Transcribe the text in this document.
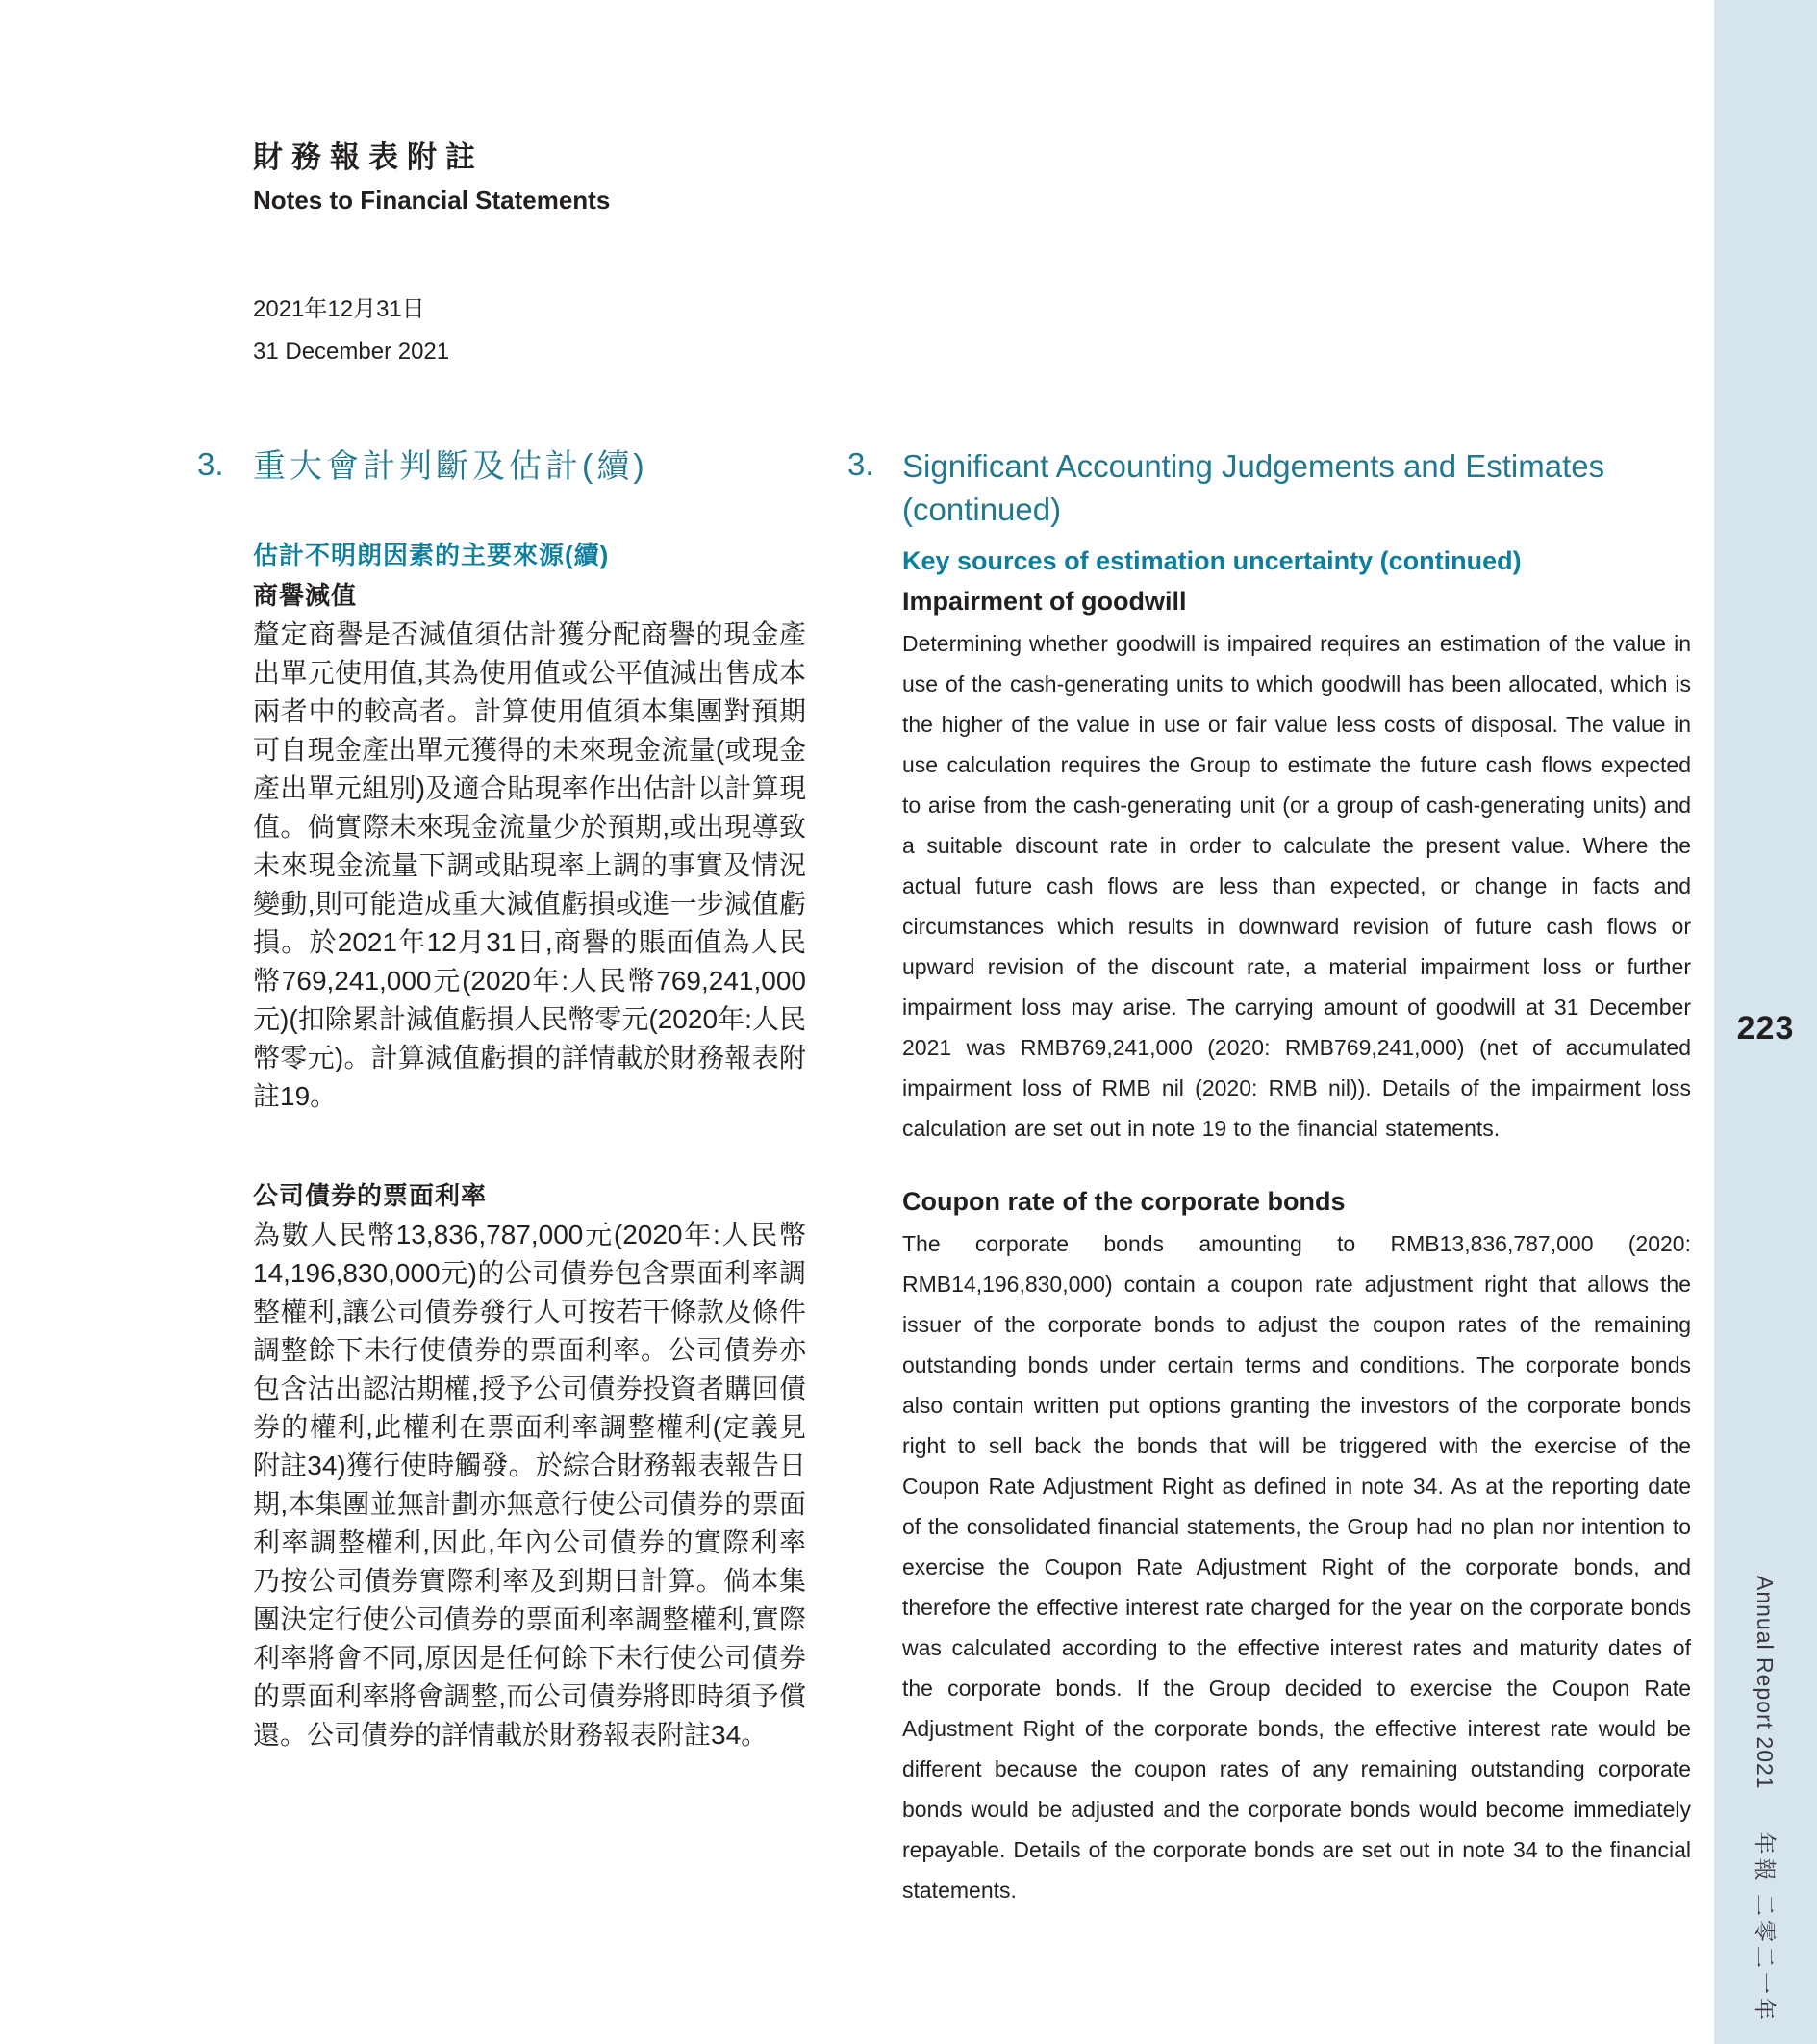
223
Annual Report 2021年報 二零二一年
財務報表附註
Notes to Financial Statements
2021年12月31日
31 December 2021
3.	3.
重大會計判斷及估計(續)
估計不明朗因素的主要來源(續)
商譽減值

釐定商譽是否減值須估計獲分配商譽的現金產出單元使用值,其為使用值或公平值減出售成本兩者中的較高者。計算使用值須本集團對預期可自現金產出單元獲得的未來現金流量(或現金產出單元組別)及適合貼現率作出估計以計算現值。倘實際未來現金流量少於預期,或出現導致未來現金流量下調或貼現率上調的事實及情況變動,則可能造成重大減值虧損或進一步減值虧損。於2021年12月31日,商譽的賬面值為人民幣769,241,000元(2020年:人民幣769,241,000元)(扣除累計減值虧損人民幣零元(2020年:人民幣零元)。計算減值虧損的詳情載於財務報表附註19。

公司債券的票面利率

為數人民幣13,836,787,000元(2020年:人民幣14,196,830,000元)的公司債券包含票面利率調整權利,讓公司債券發行人可按若干條款及條件調整餘下未行使債券的票面利率。公司債券亦包含沽出認沽期權,授予公司債券投資者購回債券的權利,此權利在票面利率調整權利(定義見附註34)獲行使時觸發。於綜合財務報表報告日期,本集團並無計劃亦無意行使公司債券的票面利率調整權利,因此,年內公司債券的實際利率乃按公司債券實際利率及到期日計算。倘本集團決定行使公司債券的票面利率調整權利,實際利率將會不同,原因是任何餘下未行使公司債券的票面利率將會調整,而公司債券將即時須予償還。公司債券的詳情載於財務報表附註34。

Significant Accounting Judgements and Estimates (continued)
Key sources of estimation uncertainty (continued)
Impairment of goodwill

Determining whether goodwill is impaired requires an estimation of the value in use of the cash-generating units to which goodwill has been allocated, which is the higher of the value in use or fair value less costs of disposal. The value in use calculation requires the Group to estimate the future cash flows expected to arise from the cash-generating unit (or a group of cash-generating units) and a suitable discount rate in order to calculate the present value. Where the actual future cash flows are less than expected, or change in facts and circumstances which results in downward revision of future cash flows or upward revision of the discount rate, a material impairment loss or further impairment loss may arise. The carrying amount of goodwill at 31 December 2021 was RMB769,241,000 (2020: RMB769,241,000) (net of accumulated impairment loss of RMB nil (2020: RMB nil)). Details of the impairment loss calculation are set out in note 19 to the financial statements.

Coupon rate of the corporate bonds

The corporate bonds amounting to RMB13,836,787,000 (2020: RMB14,196,830,000) contain a coupon rate adjustment right that allows the issuer of the corporate bonds to adjust the coupon rates of the remaining outstanding bonds under certain terms and conditions. The corporate bonds also contain written put options granting the investors of the corporate bonds right to sell back the bonds that will be triggered with the exercise of the Coupon Rate Adjustment Right as defined in note 34. As at the reporting date of the consolidated financial statements, the Group had no plan nor intention to exercise the Coupon Rate Adjustment Right of the corporate bonds, and therefore the effective interest rate charged for the year on the corporate bonds was calculated according to the effective interest rates and maturity dates of the corporate bonds. If the Group decided to exercise the Coupon Rate Adjustment Right of the corporate bonds, the effective interest rate would be different because the coupon rates of any remaining outstanding corporate bonds would be adjusted and the corporate bonds would become immediately repayable. Details of the corporate bonds are set out in note 34 to the financial statements.
